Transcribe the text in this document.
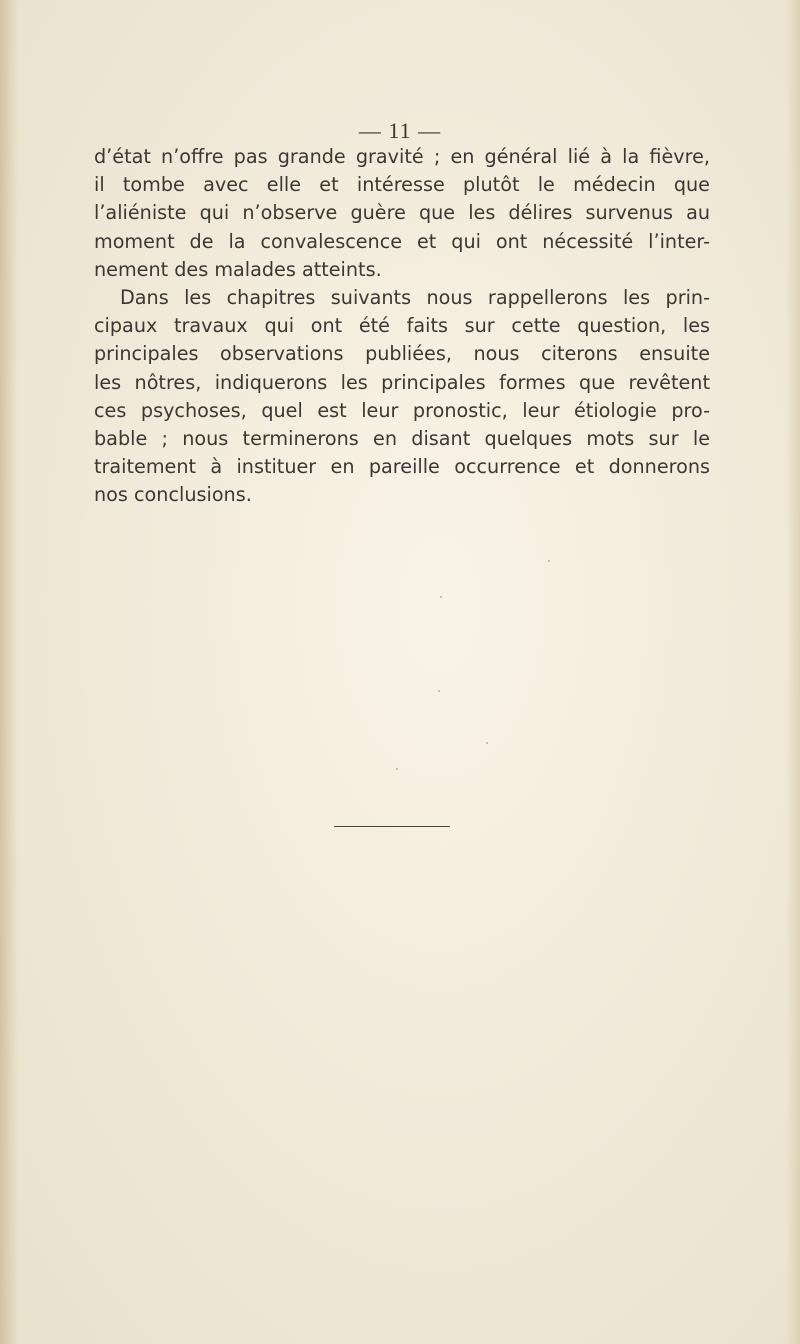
— 11 —
d’état n’offre pas grande gravité ; en général lié à la fièvre,
il tombe avec elle et intéresse plutôt le médecin que
l’aliéniste qui n’observe guère que les délires survenus au
moment de la convalescence et qui ont nécessité l’inter-
nement des malades atteints.
Dans les chapitres suivants nous rappellerons les prin-
cipaux travaux qui ont été faits sur cette question, les
principales observations publiées, nous citerons ensuite
les nôtres, indiquerons les principales formes que revêtent
ces psychoses, quel est leur pronostic, leur étiologie pro-
bable ; nous terminerons en disant quelques mots sur le
traitement à instituer en pareille occurrence et donnerons
nos conclusions.
